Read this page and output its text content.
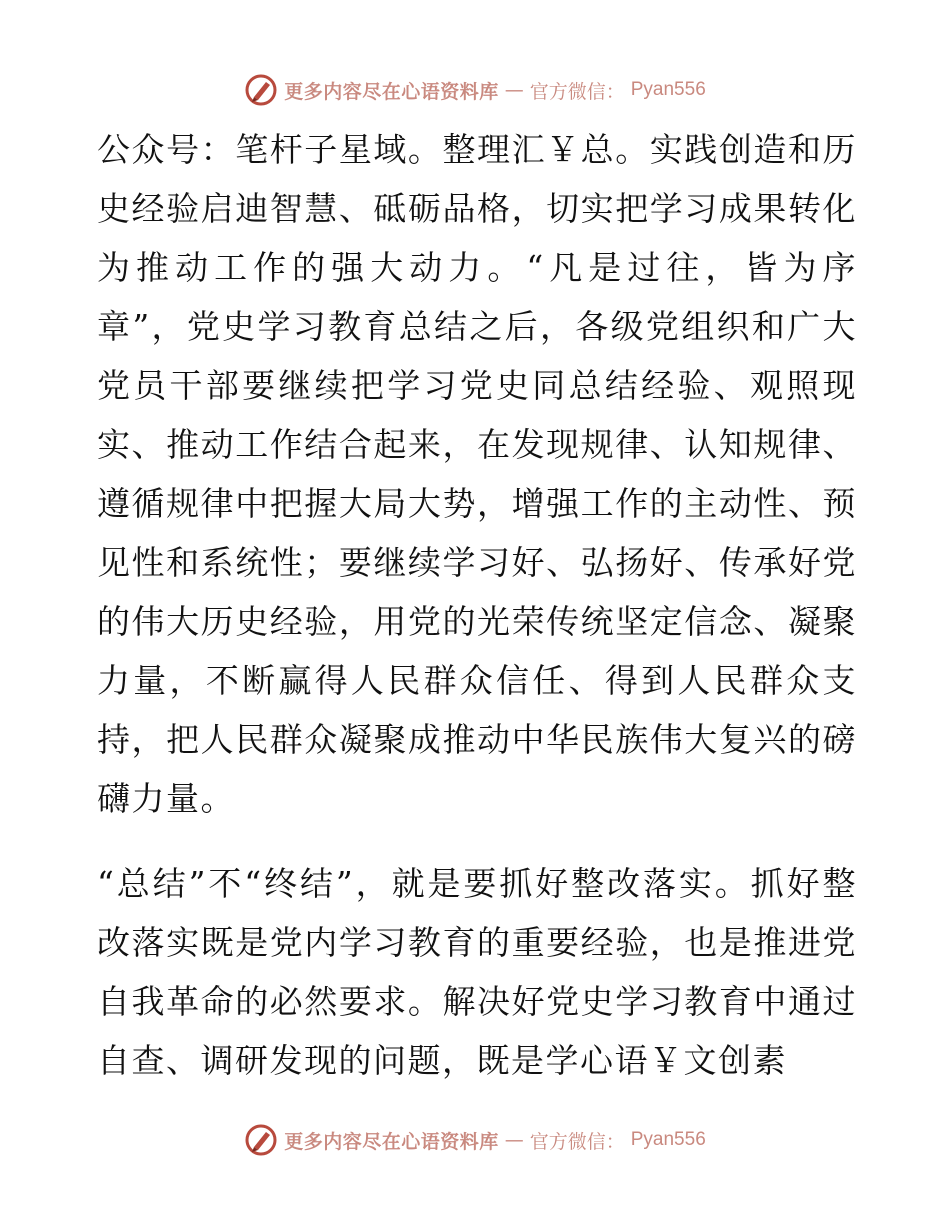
更多内容尽在心语资料库 — 官方微信： Pyan556

公众号：笔杆子星域。整理汇￥总。实践创造和历史经验启迪智慧、砥砺品格，切实把学习成果转化为推动工作的强大动力。“凡是过往，皆为序章”，党史学习教育总结之后，各级党组织和广大党员干部要继续把学习党史同总结经验、观照现实、推动工作结合起来，在发现规律、认知规律、遵循规律中把握大局大势，增强工作的主动性、预见性和系统性；要继续学习好、弘扬好、传承好党的伟大历史经验，用党的光荣传统坚定信念、凝聚力量，不断赢得人民群众信任、得到人民群众支持，把人民群众凝聚成推动中华民族伟大复兴的磅礴力量。

“总结”不“终结”，就是要抓好整改落实。抓好整改落实既是党内学习教育的重要经验，也是推进党自我革命的必然要求。解决好党史学习教育中通过自查、调研发现的问题，既是学心语￥文创素

更多内容尽在心语资料库 — 官方微信： Pyan556
